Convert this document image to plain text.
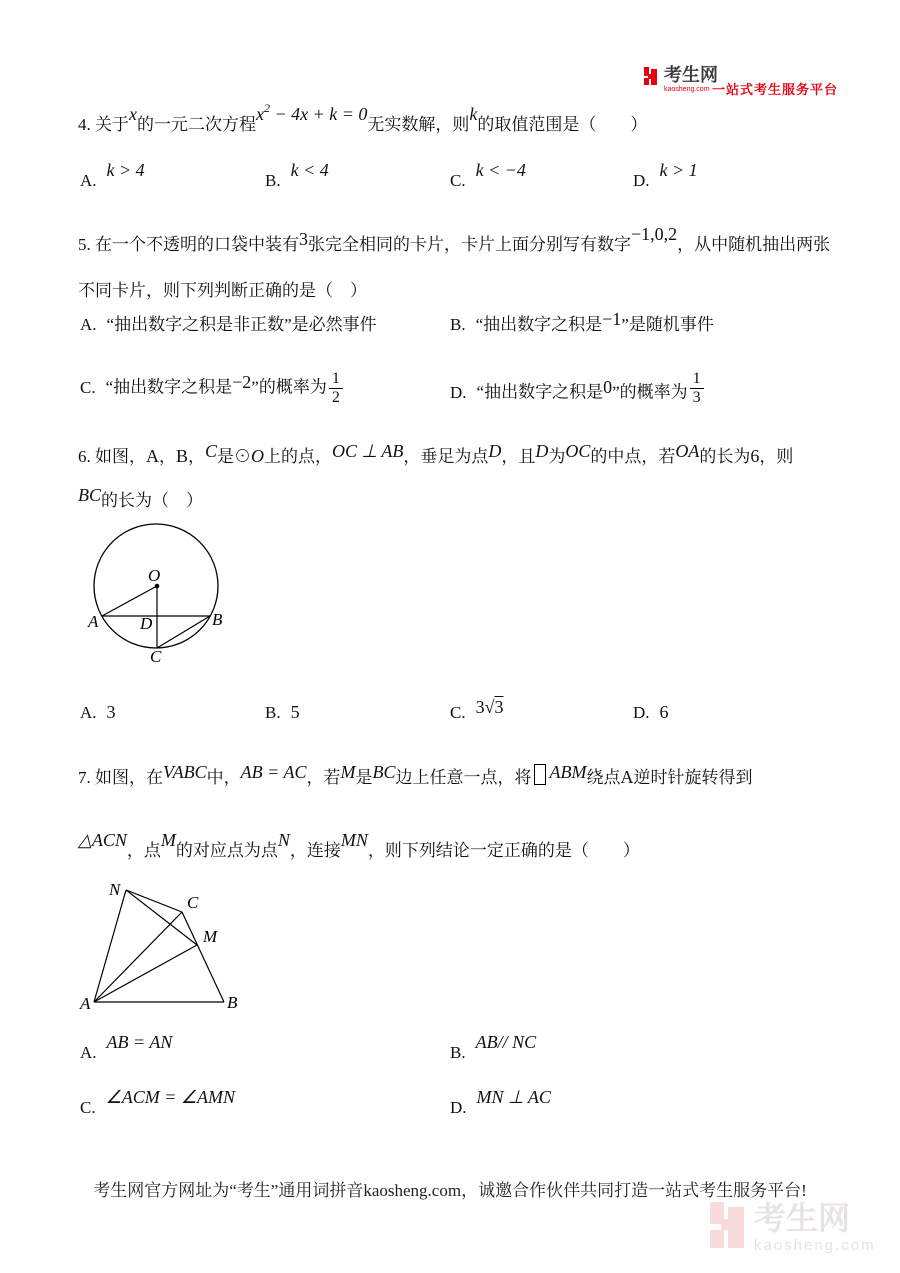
考生网
kaosheng.com 一站式考生服务平台
4. 关于x的一元二次方程$x^2 - 4x + k = 0$无实数解，则k的取值范围是（　　）
A.k > 4
B.k < 4
C.k < −4
D.k > 1
5. 在一个不透明的口袋中装有3张完全相同的卡片，卡片上面分别写有数字−1,0,2，从中随机抽出两张
不同卡片，则下列判断正确的是（　）
A. “抽出数字之积是非正数”是必然事件	B. “抽出数字之积是−1”是随机事件
C. “抽出数字之积是−2”的概率为 $\frac{1}{2}$	D. “抽出数字之积是0”的概率为 $\frac{1}{3}$
6. 如图，A，B，C是⊙O上的点，OC ⊥ AB，垂足为点D，且D为OC的中点，若OA的长为6，则
BC的长为（　）
O
A D	B
C
A. 3	B. 5	C. 3√3	D. 6
7. 如图，在VABC中，AB = AC，若M是BC边上任意一点，将 ABM绕点A逆时针旋转得到
△ACN，点M的对应点为点N，连接MN，则下列结论一定正确的是（　　）
N
C
M
A	B
A.AB = AN
B.AB// NC
C.∠ACM = ∠AMN
D.MN ⊥ AC
考生网官方网址为“考生”通用词拼音kaosheng.com，诚邀合作伙伴共同打造一站式考生服务平台!
考生网
kaosheng.com
